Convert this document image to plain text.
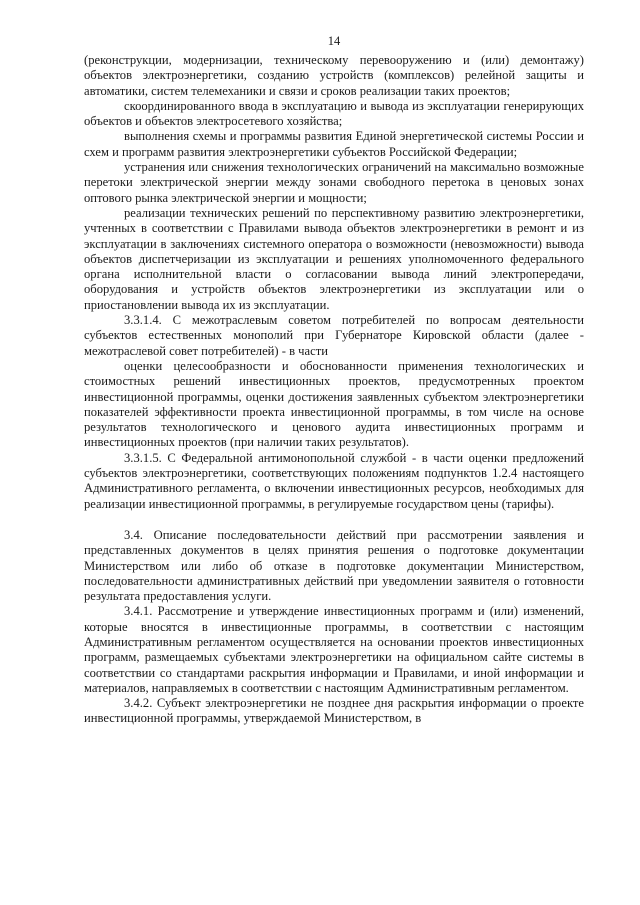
14

(реконструкции, модернизации, техническому перевооружению и (или) демонтажу) объектов электроэнергетики, созданию устройств (комплексов) релейной защиты и автоматики, систем телемеханики и связи и сроков реализации таких проектов;

скоординированного ввода в эксплуатацию и вывода из эксплуатации генерирующих объектов и объектов электросетевого хозяйства;

выполнения схемы и программы развития Единой энергетической системы России и схем и программ развития электроэнергетики субъектов Российской Федерации;

устранения или снижения технологических ограничений на максимально возможные перетоки электрической энергии между зонами свободного перетока в ценовых зонах оптового рынка электрической энергии и мощности;

реализации технических решений по перспективному развитию электроэнергетики, учтенных в соответствии с Правилами вывода объектов электроэнергетики в ремонт и из эксплуатации в заключениях системного оператора о возможности (невозможности) вывода объектов диспетчеризации из эксплуатации и решениях уполномоченного федерального органа исполнительной власти о согласовании вывода линий электропередачи, оборудования и устройств объектов электроэнергетики из эксплуатации или о приостановлении вывода их из эксплуатации.

3.3.1.4. С межотраслевым советом потребителей по вопросам деятельности субъектов естественных монополий при Губернаторе Кировской области (далее - межотраслевой совет потребителей) - в части

оценки целесообразности и обоснованности применения технологических и стоимостных решений инвестиционных проектов, предусмотренных проектом инвестиционной программы, оценки достижения заявленных субъектом электроэнергетики показателей эффективности проекта инвестиционной программы, в том числе на основе результатов технологического и ценового аудита инвестиционных программ и инвестиционных проектов (при наличии таких результатов).

3.3.1.5. С Федеральной антимонопольной службой - в части оценки предложений субъектов электроэнергетики, соответствующих положениям подпунктов 1.2.4 настоящего Административного регламента, о включении инвестиционных ресурсов, необходимых для реализации инвестиционной программы, в регулируемые государством цены (тарифы).

3.4. Описание последовательности действий при рассмотрении заявления и представленных документов в целях принятия решения о подготовке документации Министерством или либо об отказе в подготовке документации Министерством, последовательности административных действий при уведомлении заявителя о готовности результата предоставления услуги.

3.4.1. Рассмотрение и утверждение инвестиционных программ и (или) изменений, которые вносятся в инвестиционные программы, в соответствии с настоящим Административным регламентом осуществляется на основании проектов инвестиционных программ, размещаемых субъектами электроэнергетики на официальном сайте системы в соответствии со стандартами раскрытия информации и Правилами, и иной информации и материалов, направляемых в соответствии с настоящим Административным регламентом.

3.4.2. Субъект электроэнергетики не позднее дня раскрытия информации о проекте инвестиционной программы, утверждаемой Министерством, в
